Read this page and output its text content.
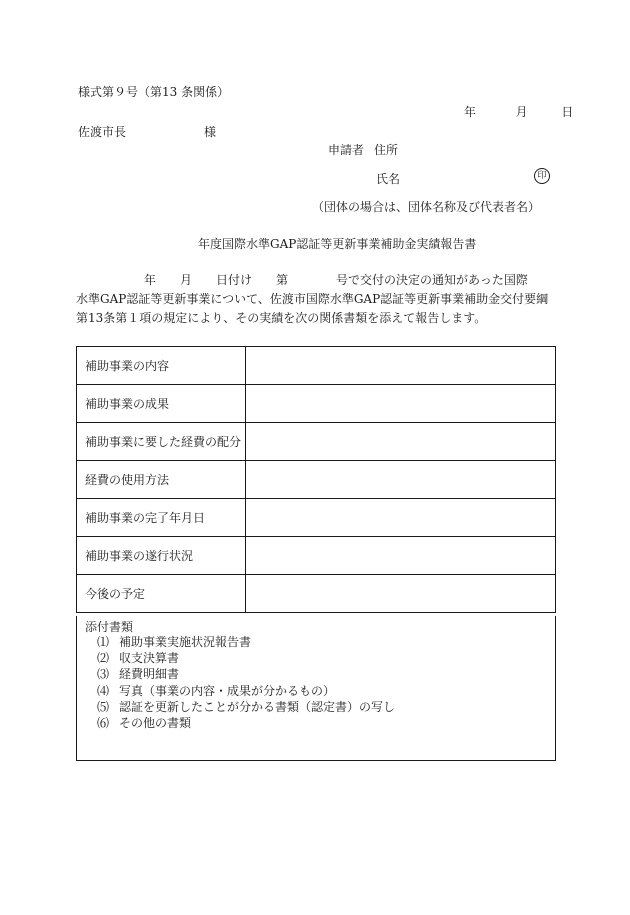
様式第９号（第13 条関係）
年	月	日
佐渡市長	様
申請者 住所
氏名	印
（団体の場合は、団体名称及び代表者名）
年度国際水準GAP認証等更新事業補助金実績報告書
年　　月　　日付け　　第　　　　号で交付の決定の通知があった国際
水準GAP認証等更新事業について、佐渡市国際水準GAP認証等更新事業補助金交付要綱
第13条第１項の規定により、その実績を次の関係書類を添えて報告します。
補助事業の内容	
補助事業の成果	
補助事業に要した経費の配分	
経費の使用方法	
補助事業の完了年月日	
補助事業の遂行状況	
今後の予定	
添付書類
⑴ 補助事業実施状況報告書
⑵ 収支決算書
⑶ 経費明細書
⑷ 写真（事業の内容・成果が分かるもの）
⑸ 認証を更新したことが分かる書類（認定書）の写し
⑹ その他の書類
